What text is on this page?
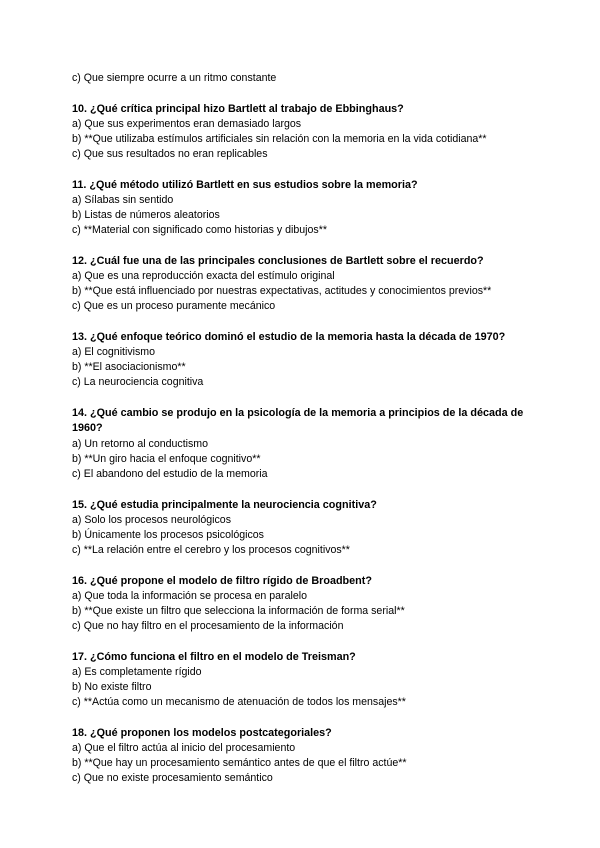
c) Que siempre ocurre a un ritmo constante
10. ¿Qué crítica principal hizo Bartlett al trabajo de Ebbinghaus?
a) Que sus experimentos eran demasiado largos
b) **Que utilizaba estímulos artificiales sin relación con la memoria en la vida cotidiana**
c) Que sus resultados no eran replicables
11. ¿Qué método utilizó Bartlett en sus estudios sobre la memoria?
a) Sílabas sin sentido
b) Listas de números aleatorios
c) **Material con significado como historias y dibujos**
12. ¿Cuál fue una de las principales conclusiones de Bartlett sobre el recuerdo?
a) Que es una reproducción exacta del estímulo original
b) **Que está influenciado por nuestras expectativas, actitudes y conocimientos previos**
c) Que es un proceso puramente mecánico
13. ¿Qué enfoque teórico dominó el estudio de la memoria hasta la década de 1970?
a) El cognitivismo
b) **El asociacionismo**
c) La neurociencia cognitiva
14. ¿Qué cambio se produjo en la psicología de la memoria a principios de la década de 1960?
a) Un retorno al conductismo
b) **Un giro hacia el enfoque cognitivo**
c) El abandono del estudio de la memoria
15. ¿Qué estudia principalmente la neurociencia cognitiva?
a) Solo los procesos neurológicos
b) Únicamente los procesos psicológicos
c) **La relación entre el cerebro y los procesos cognitivos**
16. ¿Qué propone el modelo de filtro rígido de Broadbent?
a) Que toda la información se procesa en paralelo
b) **Que existe un filtro que selecciona la información de forma serial**
c) Que no hay filtro en el procesamiento de la información
17. ¿Cómo funciona el filtro en el modelo de Treisman?
a) Es completamente rígido
b) No existe filtro
c) **Actúa como un mecanismo de atenuación de todos los mensajes**
18. ¿Qué proponen los modelos postcategoriales?
a) Que el filtro actúa al inicio del procesamiento
b) **Que hay un procesamiento semántico antes de que el filtro actúe**
c) Que no existe procesamiento semántico
